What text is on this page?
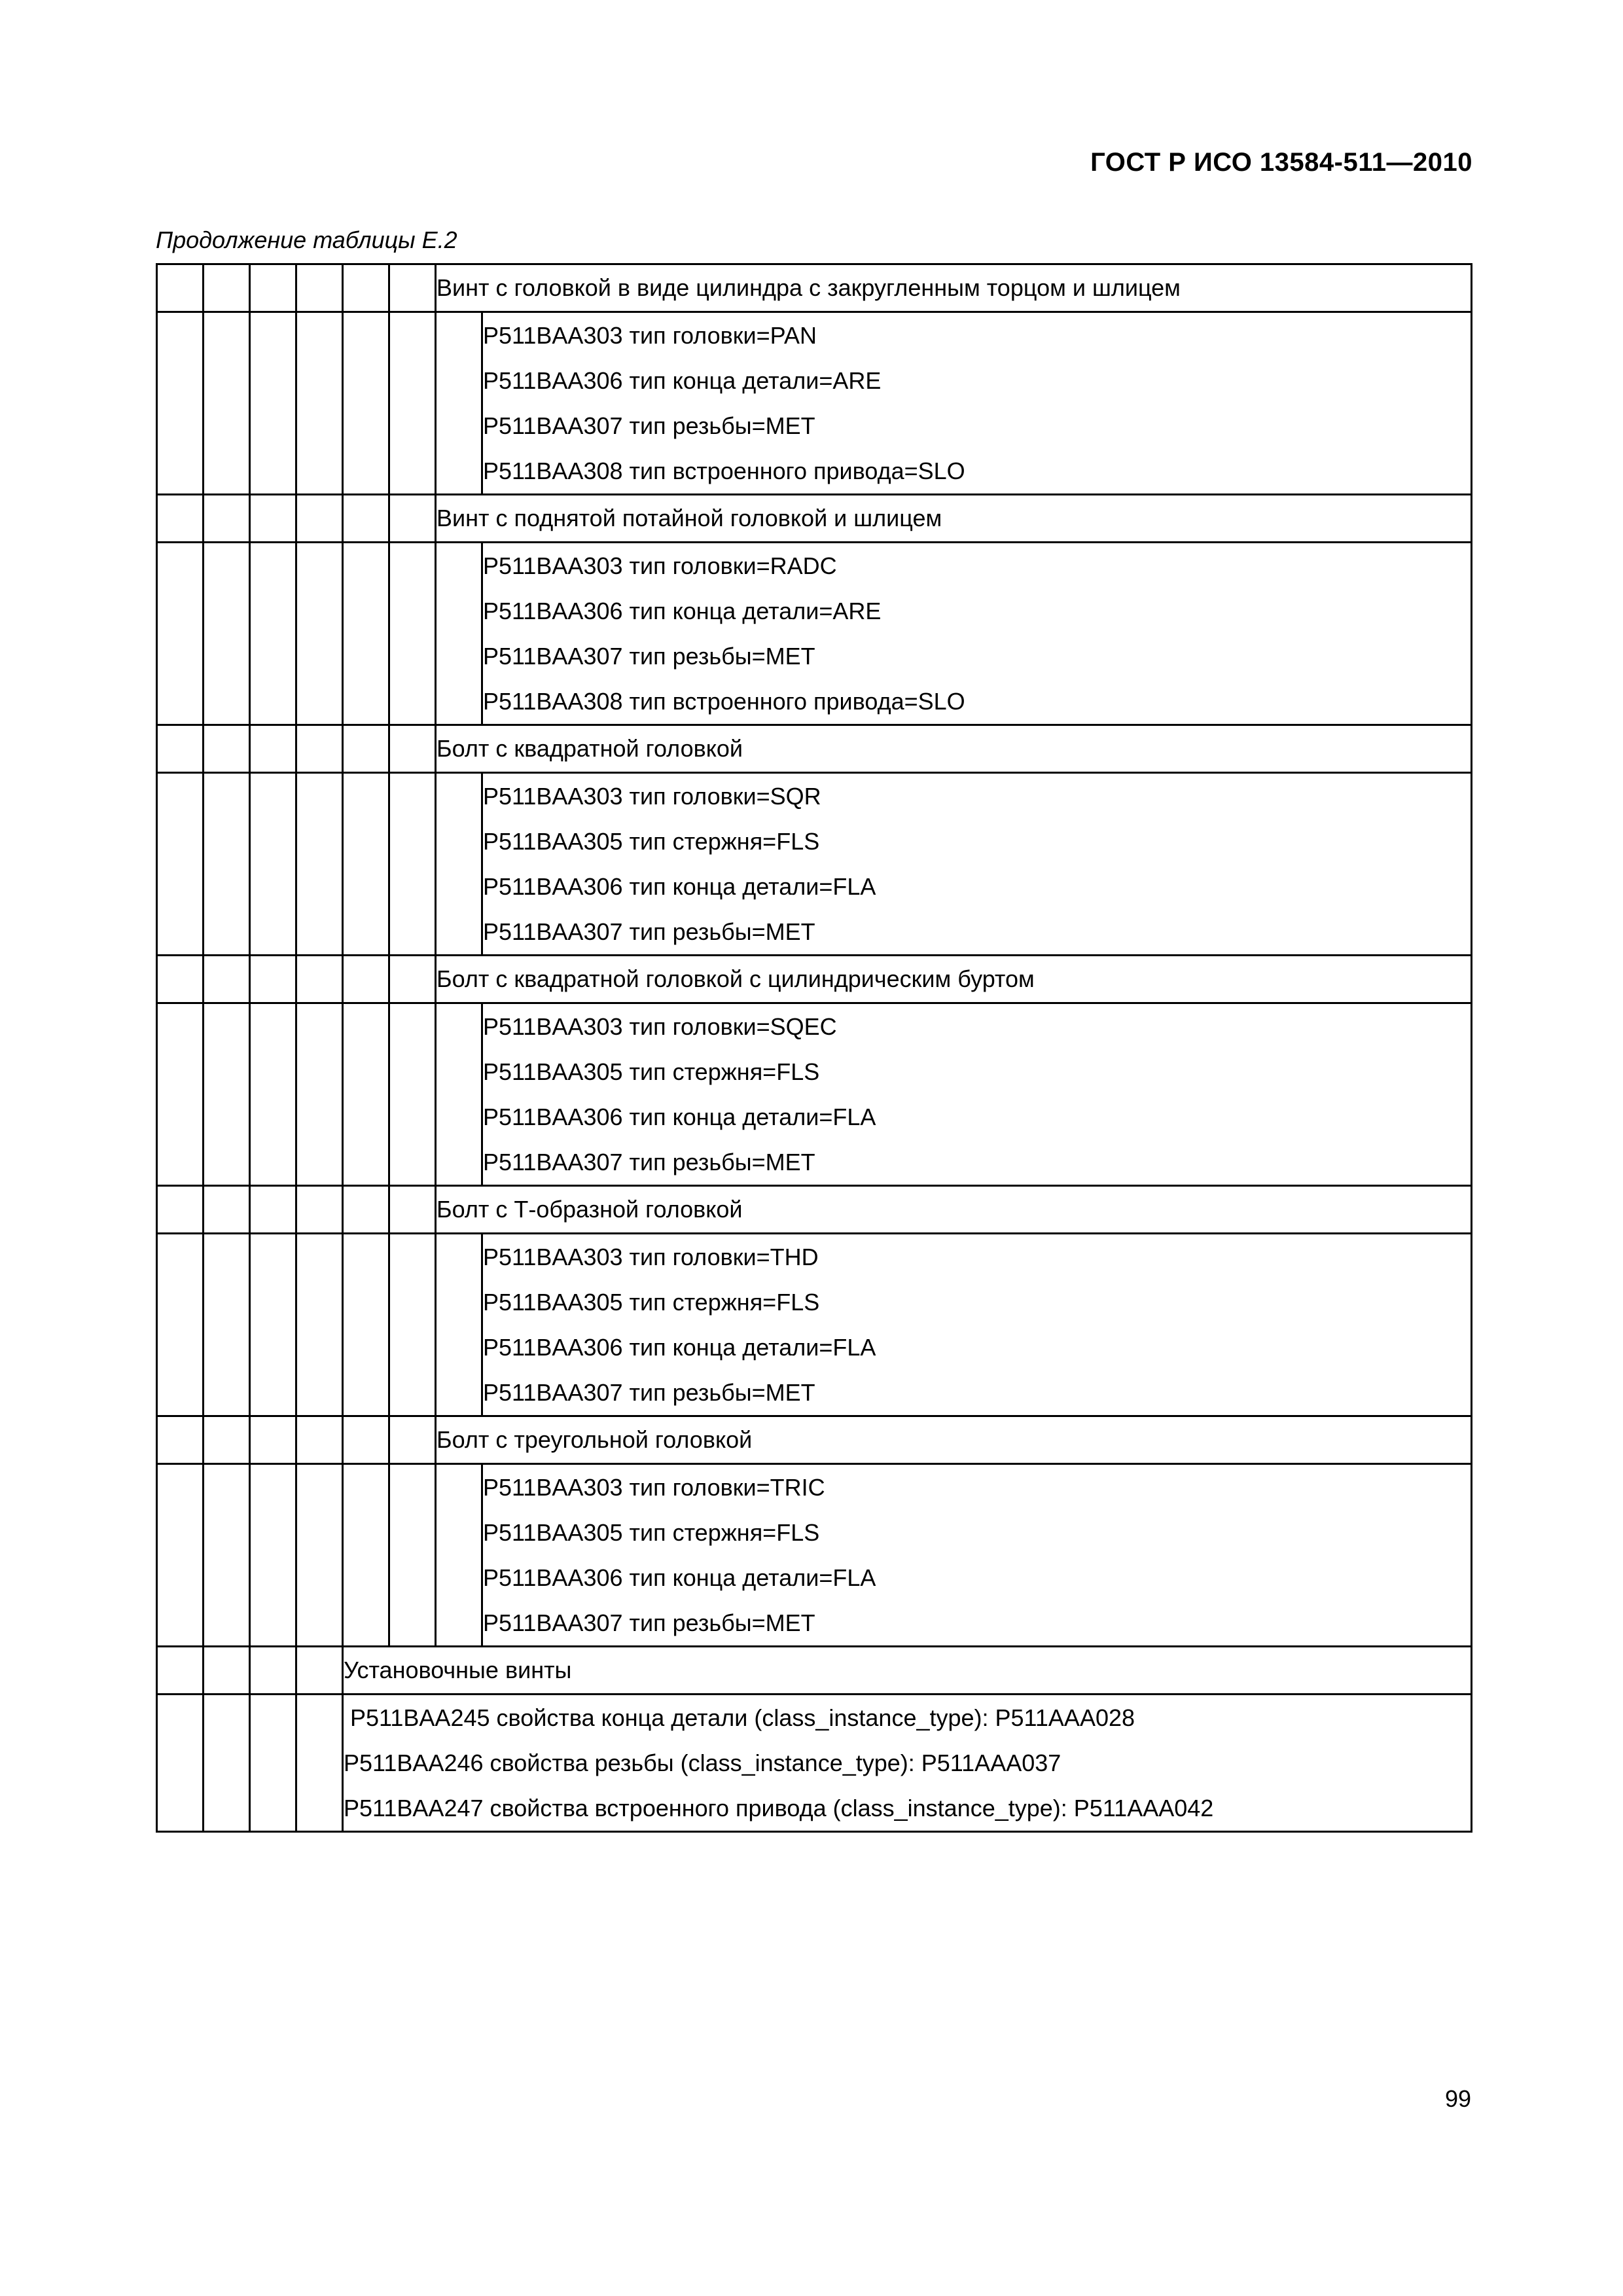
ГОСТ Р ИСО 13584-511—2010
Продолжение таблицы Е.2
						Винт с головкой в виде цилиндра с закругленным торцом и шлицем	

							P511BAA303 тип головки=PAN
P511BAA306 тип конца детали=ARE
P511BAA307 тип резьбы=MET
P511BAA308 тип встроенного привода=SLO

						Винт с поднятой потайной головкой и шлицем	

							P511BAA303 тип головки=RADC
P511BAA306 тип конца детали=ARE
P511BAA307 тип резьбы=MET
P511BAA308 тип встроенного привода=SLO

						Болт с квадратной головкой	

							P511BAA303 тип головки=SQR
P511BAA305 тип стержня=FLS
P511BAA306 тип конца детали=FLA
P511BAA307 тип резьбы=MET

						Болт с квадратной головкой с цилиндрическим буртом	

							P511BAA303 тип головки=SQEC
P511BAA305 тип стержня=FLS
P511BAA306 тип конца детали=FLA
P511BAA307 тип резьбы=MET

						Болт с Т-образной головкой	

							P511BAA303 тип головки=THD
P511BAA305 тип стержня=FLS
P511BAA306 тип конца детали=FLA
P511BAA307 тип резьбы=MET

						Болт с треугольной головкой	

							P511BAA303 тип головки=TRIC
P511BAA305 тип стержня=FLS
P511BAA306 тип конца детали=FLA
P511BAA307 тип резьбы=MET

				Установочные винты			

				P511BAA245 свойства конца детали (class_instance_type): P511AAA028
P511BAA246 свойства резьбы (class_instance_type): P511AAA037
P511BAA247 свойства встроенного привода (class_instance_type): P511AAA042			
99
